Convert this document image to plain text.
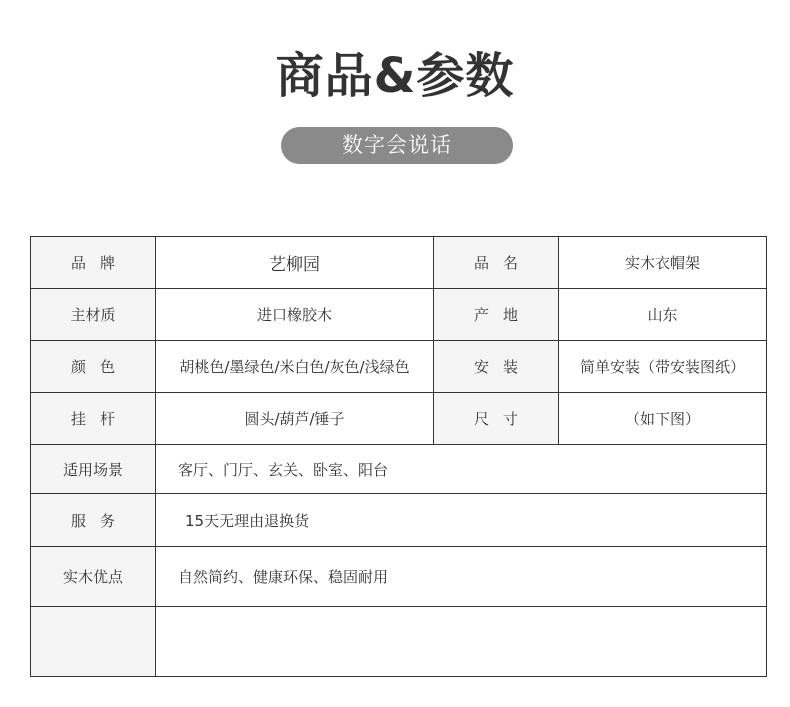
商品&参数
数字会说话
品牌	艺柳园	品名	实木衣帽架
主材质	进口橡胶木	产地	山东
颜色	胡桃色/墨绿色/米白色/灰色/浅绿色	安装	简单安装（带安装图纸）
挂杆	圆头/葫芦/锤子	尺寸	（如下图）
适用场景	客厅、门厅、玄关、卧室、阳台		
服务	15天无理由退换货		
实木优点	自然简约、健康环保、稳固耐用		
